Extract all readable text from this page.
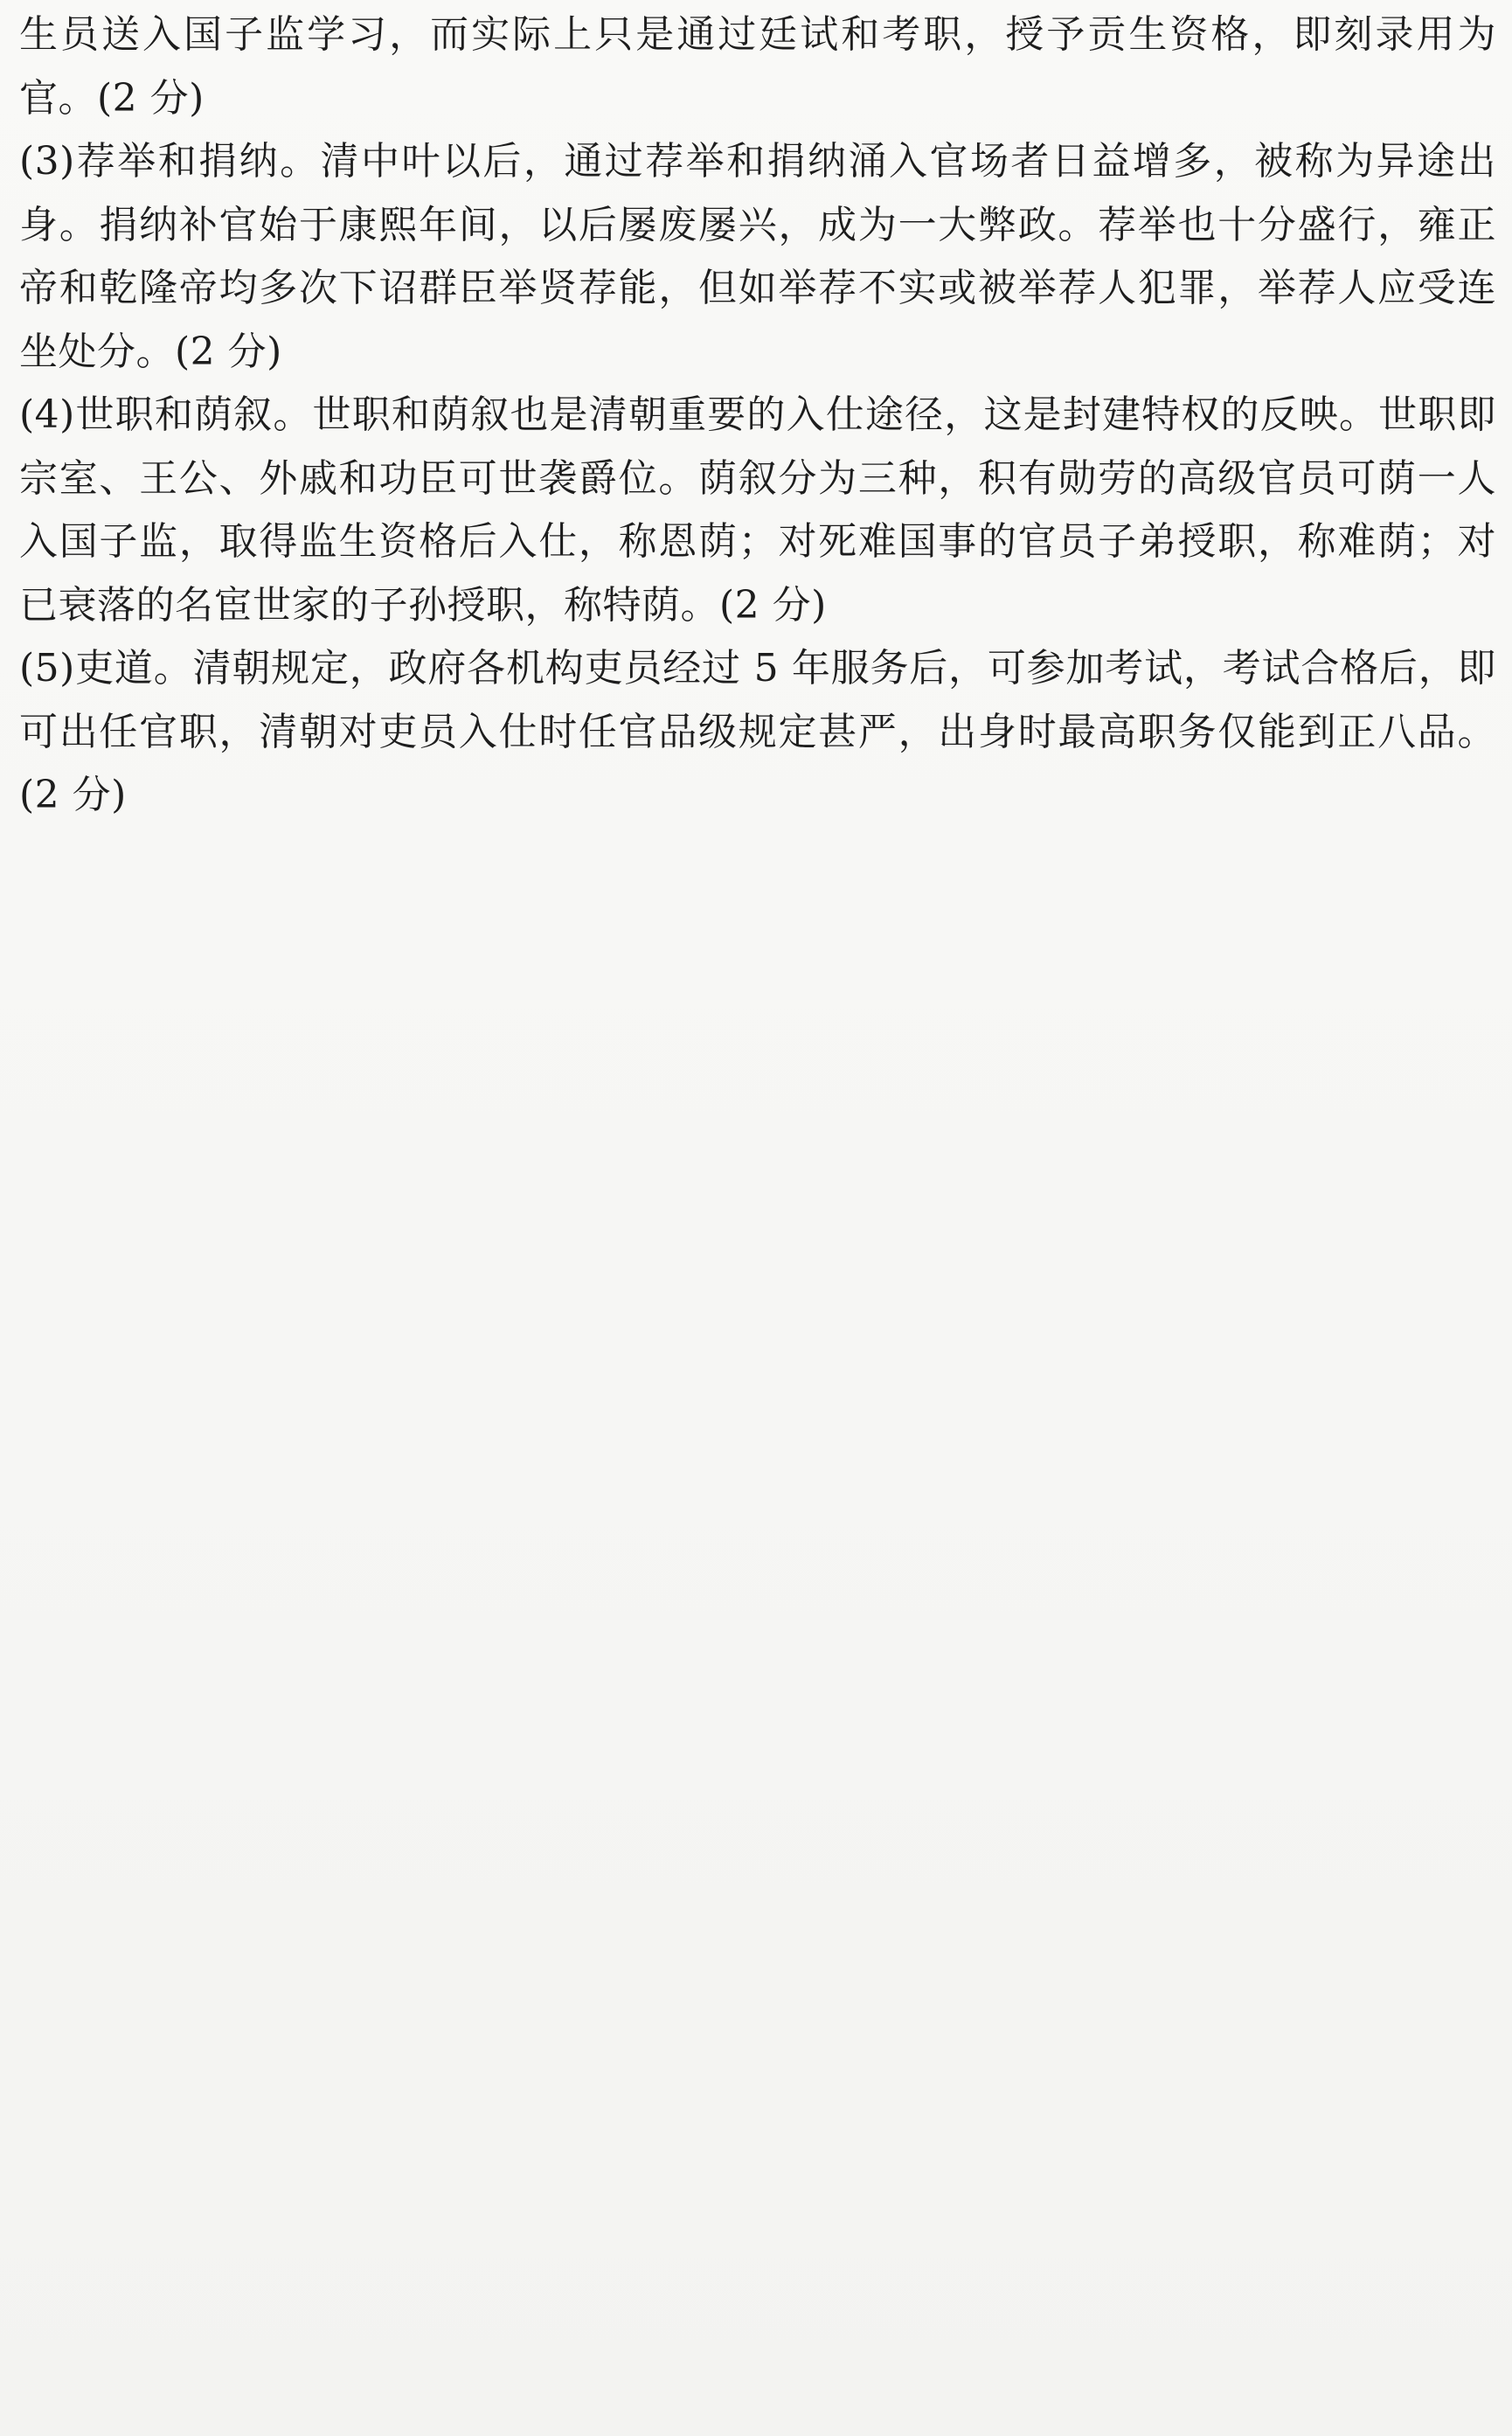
生员送入国子监学习，而实际上只是通过廷试和考职，授予贡生资格，即刻录用为官。(2 分)

(3)荐举和捐纳。清中叶以后，通过荐举和捐纳涌入官场者日益增多，被称为异途出身。捐纳补官始于康熙年间，以后屡废屡兴，成为一大弊政。荐举也十分盛行，雍正帝和乾隆帝均多次下诏群臣举贤荐能，但如举荐不实或被举荐人犯罪，举荐人应受连坐处分。(2 分)

(4)世职和荫叙。世职和荫叙也是清朝重要的入仕途径，这是封建特权的反映。世职即宗室、王公、外戚和功臣可世袭爵位。荫叙分为三种，积有勋劳的高级官员可荫一人入国子监，取得监生资格后入仕，称恩荫；对死难国事的官员子弟授职，称难荫；对已衰落的名宦世家的子孙授职，称特荫。(2 分)

(5)吏道。清朝规定，政府各机构吏员经过 5 年服务后，可参加考试，考试合格后，即可出任官职，清朝对吏员入仕时任官品级规定甚严，出身时最高职务仅能到正八品。(2 分)
